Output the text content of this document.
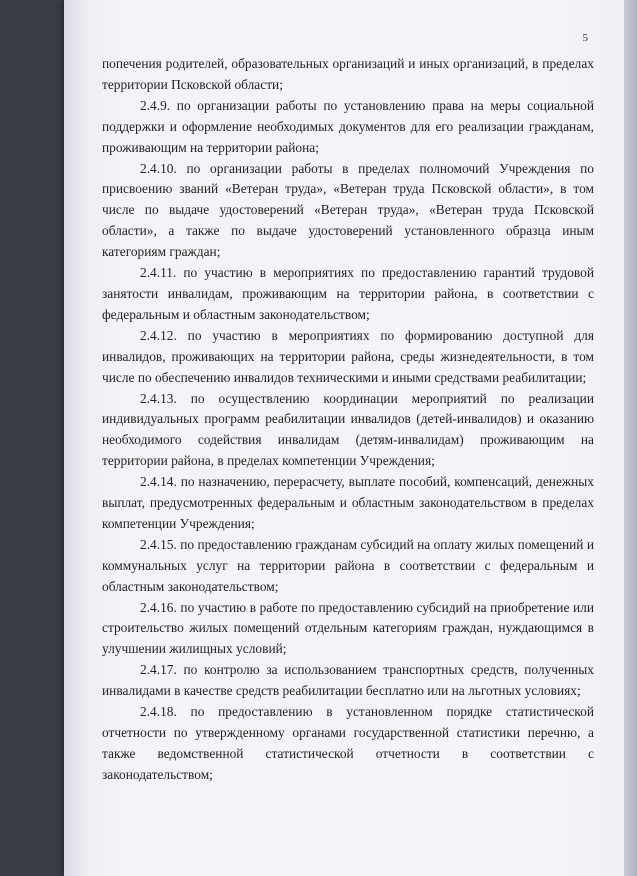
5

попечения родителей, образовательных организаций и иных организаций, в пределах территории Псковской области;

2.4.9. по организации работы по установлению права на меры социальной поддержки и оформление необходимых документов для его реализации гражданам, проживающим на территории района;

2.4.10. по организации работы в пределах полномочий Учреждения по присвоению званий «Ветеран труда», «Ветеран труда Псковской области», в том числе по выдаче удостоверений «Ветеран труда», «Ветеран труда Псковской области», а также по выдаче удостоверений установленного образца иным категориям граждан;

2.4.11. по участию в мероприятиях по предоставлению гарантий трудовой занятости инвалидам, проживающим на территории района, в соответствии с федеральным и областным законодательством;

2.4.12. по участию в мероприятиях по формированию доступной для инвалидов, проживающих на территории района, среды жизнедеятельности, в том числе по обеспечению инвалидов техническими и иными средствами реабилитации;

2.4.13. по осуществлению координации мероприятий по реализации индивидуальных программ реабилитации инвалидов (детей-инвалидов) и оказанию необходимого содействия инвалидам (детям-инвалидам) проживающим на территории района, в пределах компетенции Учреждения;

2.4.14. по назначению, перерасчету, выплате пособий, компенсаций, денежных выплат, предусмотренных федеральным и областным законодательством в пределах компетенции Учреждения;

2.4.15. по предоставлению гражданам субсидий на оплату жилых помещений и коммунальных услуг на территории района в соответствии с федеральным и областным законодательством;

2.4.16. по участию в работе по предоставлению субсидий на приобретение или строительство жилых помещений отдельным категориям граждан, нуждающимся в улучшении жилищных условий;

2.4.17. по контролю за использованием транспортных средств, полученных инвалидами в качестве средств реабилитации бесплатно или на льготных условиях;

2.4.18. по предоставлению в установленном порядке статистической отчетности по утвержденному органами государственной статистики перечню, а также ведомственной статистической отчетности в соответствии с законодательством;
